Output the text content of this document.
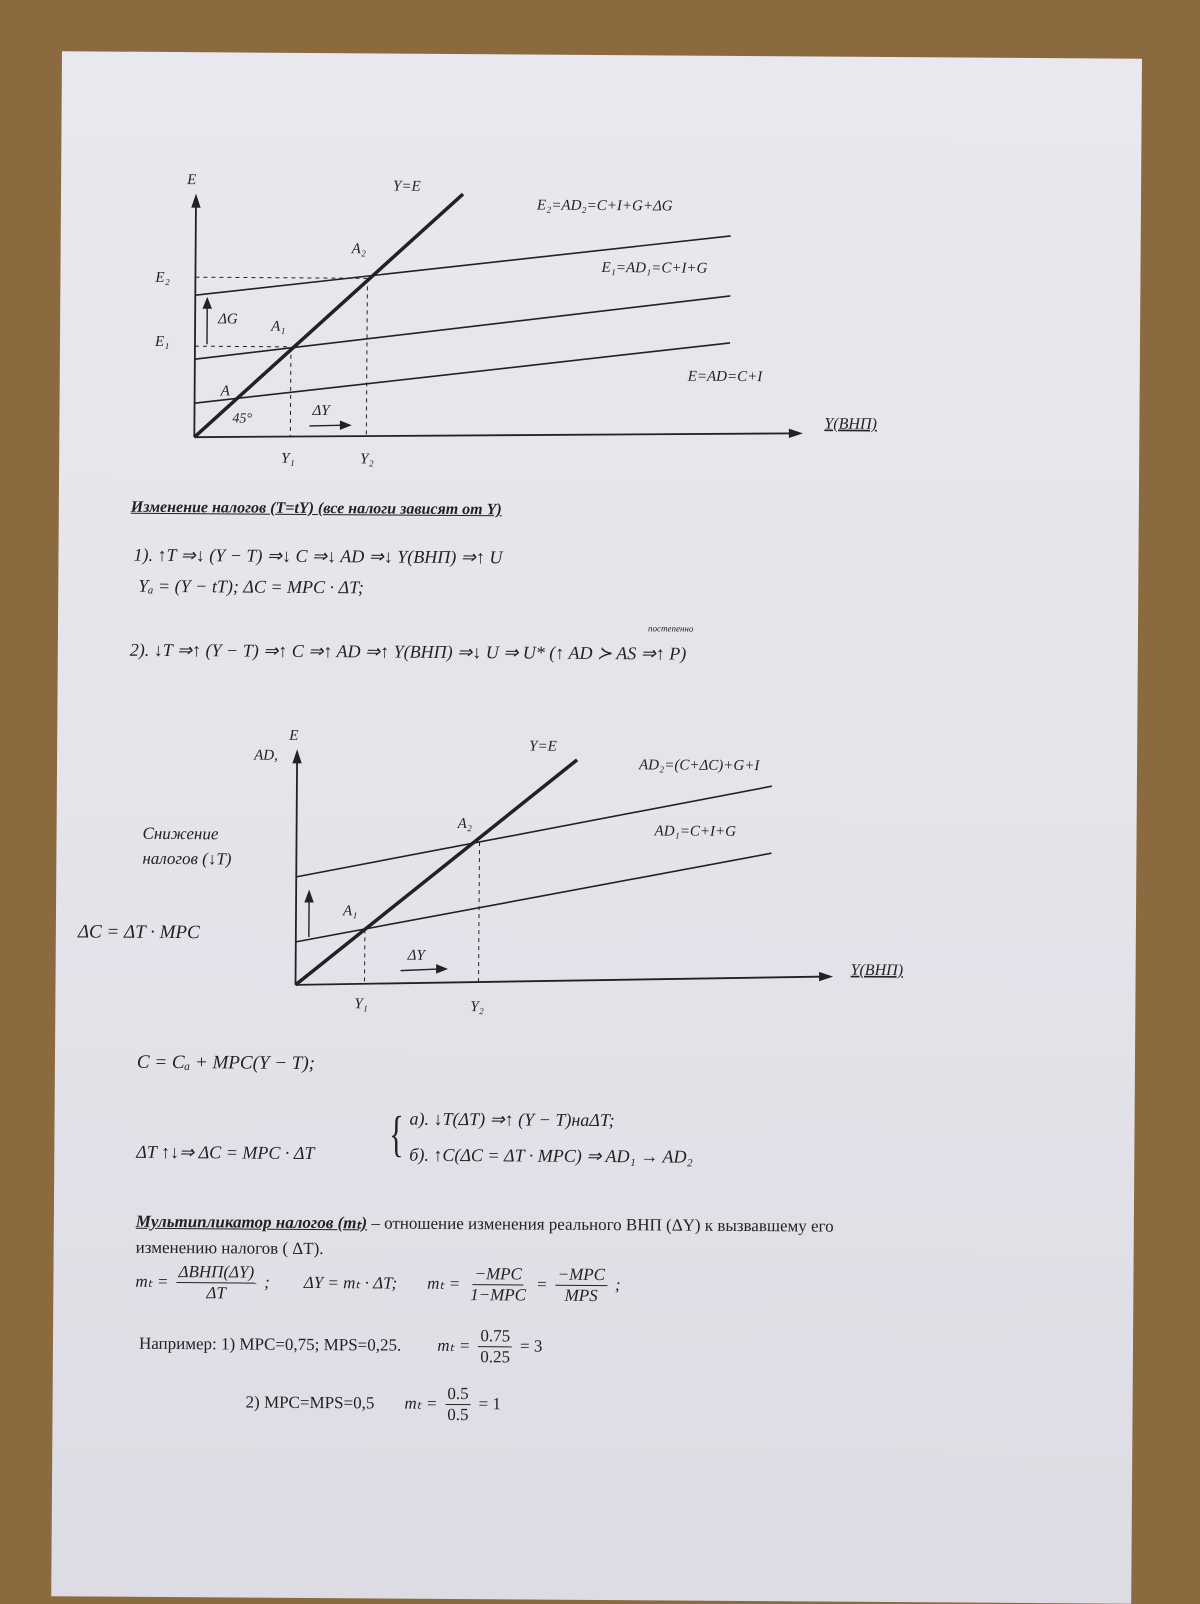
E
Y(ВНП)
Y=E
E₂=AD₂=C+I+G+ΔG
E₁=AD₁=C+I+G
E=AD=C+I
E₂
E₁
A₂
A₁
A
45°
ΔG
ΔY
Y₁	Y₂
Изменение налогов (T=tY) (все налоги зависят от Y)
1). ↑T ⇒↓ (Y − T) ⇒↓ C ⇒↓ AD ⇒↓ Y(ВНП) ⇒↑ U
Yₐ = (Y − tT); ΔC = MPC · ΔT;
постепенно
2). ↓T ⇒↑ (Y − T) ⇒↑ C ⇒↑ AD ⇒↑ Y(ВНП) ⇒↓ U ⇒ U* (↑ AD ≻ AS ⇒↑ P)
E
AD,
Y(ВНП)
Y=E
AD₂=(C+ΔC)+G+I
AD₁=C+I+G
A₂
A₁
ΔY
Y₁	Y₂
Снижение
налогов (↓T)
ΔC = ΔT · MPC
C = Cₐ + MPC(Y − T);
ΔT ↑↓⇒ ΔC = MPC · ΔT { а). ↓T(ΔT) ⇒↑ (Y − T)наΔT;
б). ↑C(ΔC = ΔT · MPC) ⇒ AD₁ → AD₂
Мультипликатор налогов (mₜ) – отношение изменения реального ВНП (ΔY) к вызвавшему его
изменению налогов ( ΔT).
$m_t = \frac{\text{ΔВНП(ΔY)}}{\Delta T}$ ; ΔY = mₜ · ΔT; $m_t = \frac{\text{−MPC}}{\text{1−MPC}} = \frac{\text{−MPC}}{\text{MPS}}$ ;
Например: 1) MPC=0,75; MPS=0,25. $m_t = \frac{0.75}{0.25} = 3$
2) MPC=MPS=0,5 $m_t = \frac{0.5}{0.5} = 1$
